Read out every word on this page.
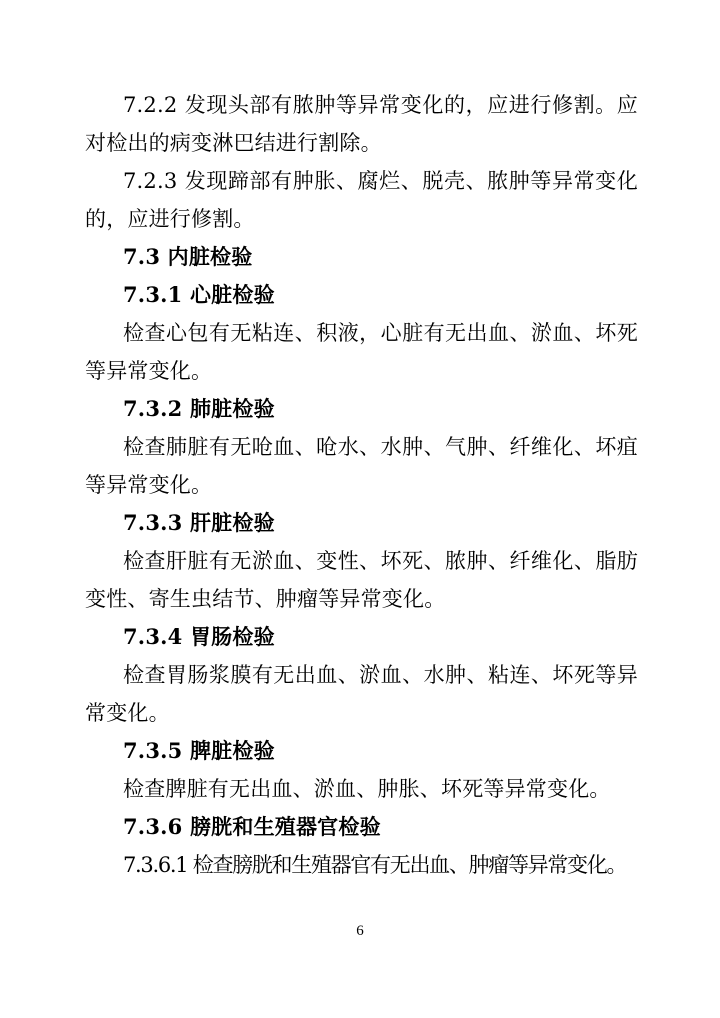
7.2.2 发现头部有脓肿等异常变化的，应进行修割。应
对检出的病变淋巴结进行割除。
7.2.3 发现蹄部有肿胀、腐烂、脱壳、脓肿等异常变化
的，应进行修割。
7.3 内脏检验
7.3.1 心脏检验
检查心包有无粘连、积液，心脏有无出血、淤血、坏死
等异常变化。
7.3.2 肺脏检验
检查肺脏有无呛血、呛水、水肿、气肿、纤维化、坏疽
等异常变化。
7.3.3 肝脏检验
检查肝脏有无淤血、变性、坏死、脓肿、纤维化、脂肪
变性、寄生虫结节、肿瘤等异常变化。
7.3.4 胃肠检验
检查胃肠浆膜有无出血、淤血、水肿、粘连、坏死等异
常变化。
7.3.5 脾脏检验
检查脾脏有无出血、淤血、肿胀、坏死等异常变化。
7.3.6 膀胱和生殖器官检验
7.3.6.1 检查膀胱和生殖器官有无出血、肿瘤等异常变化。
6
